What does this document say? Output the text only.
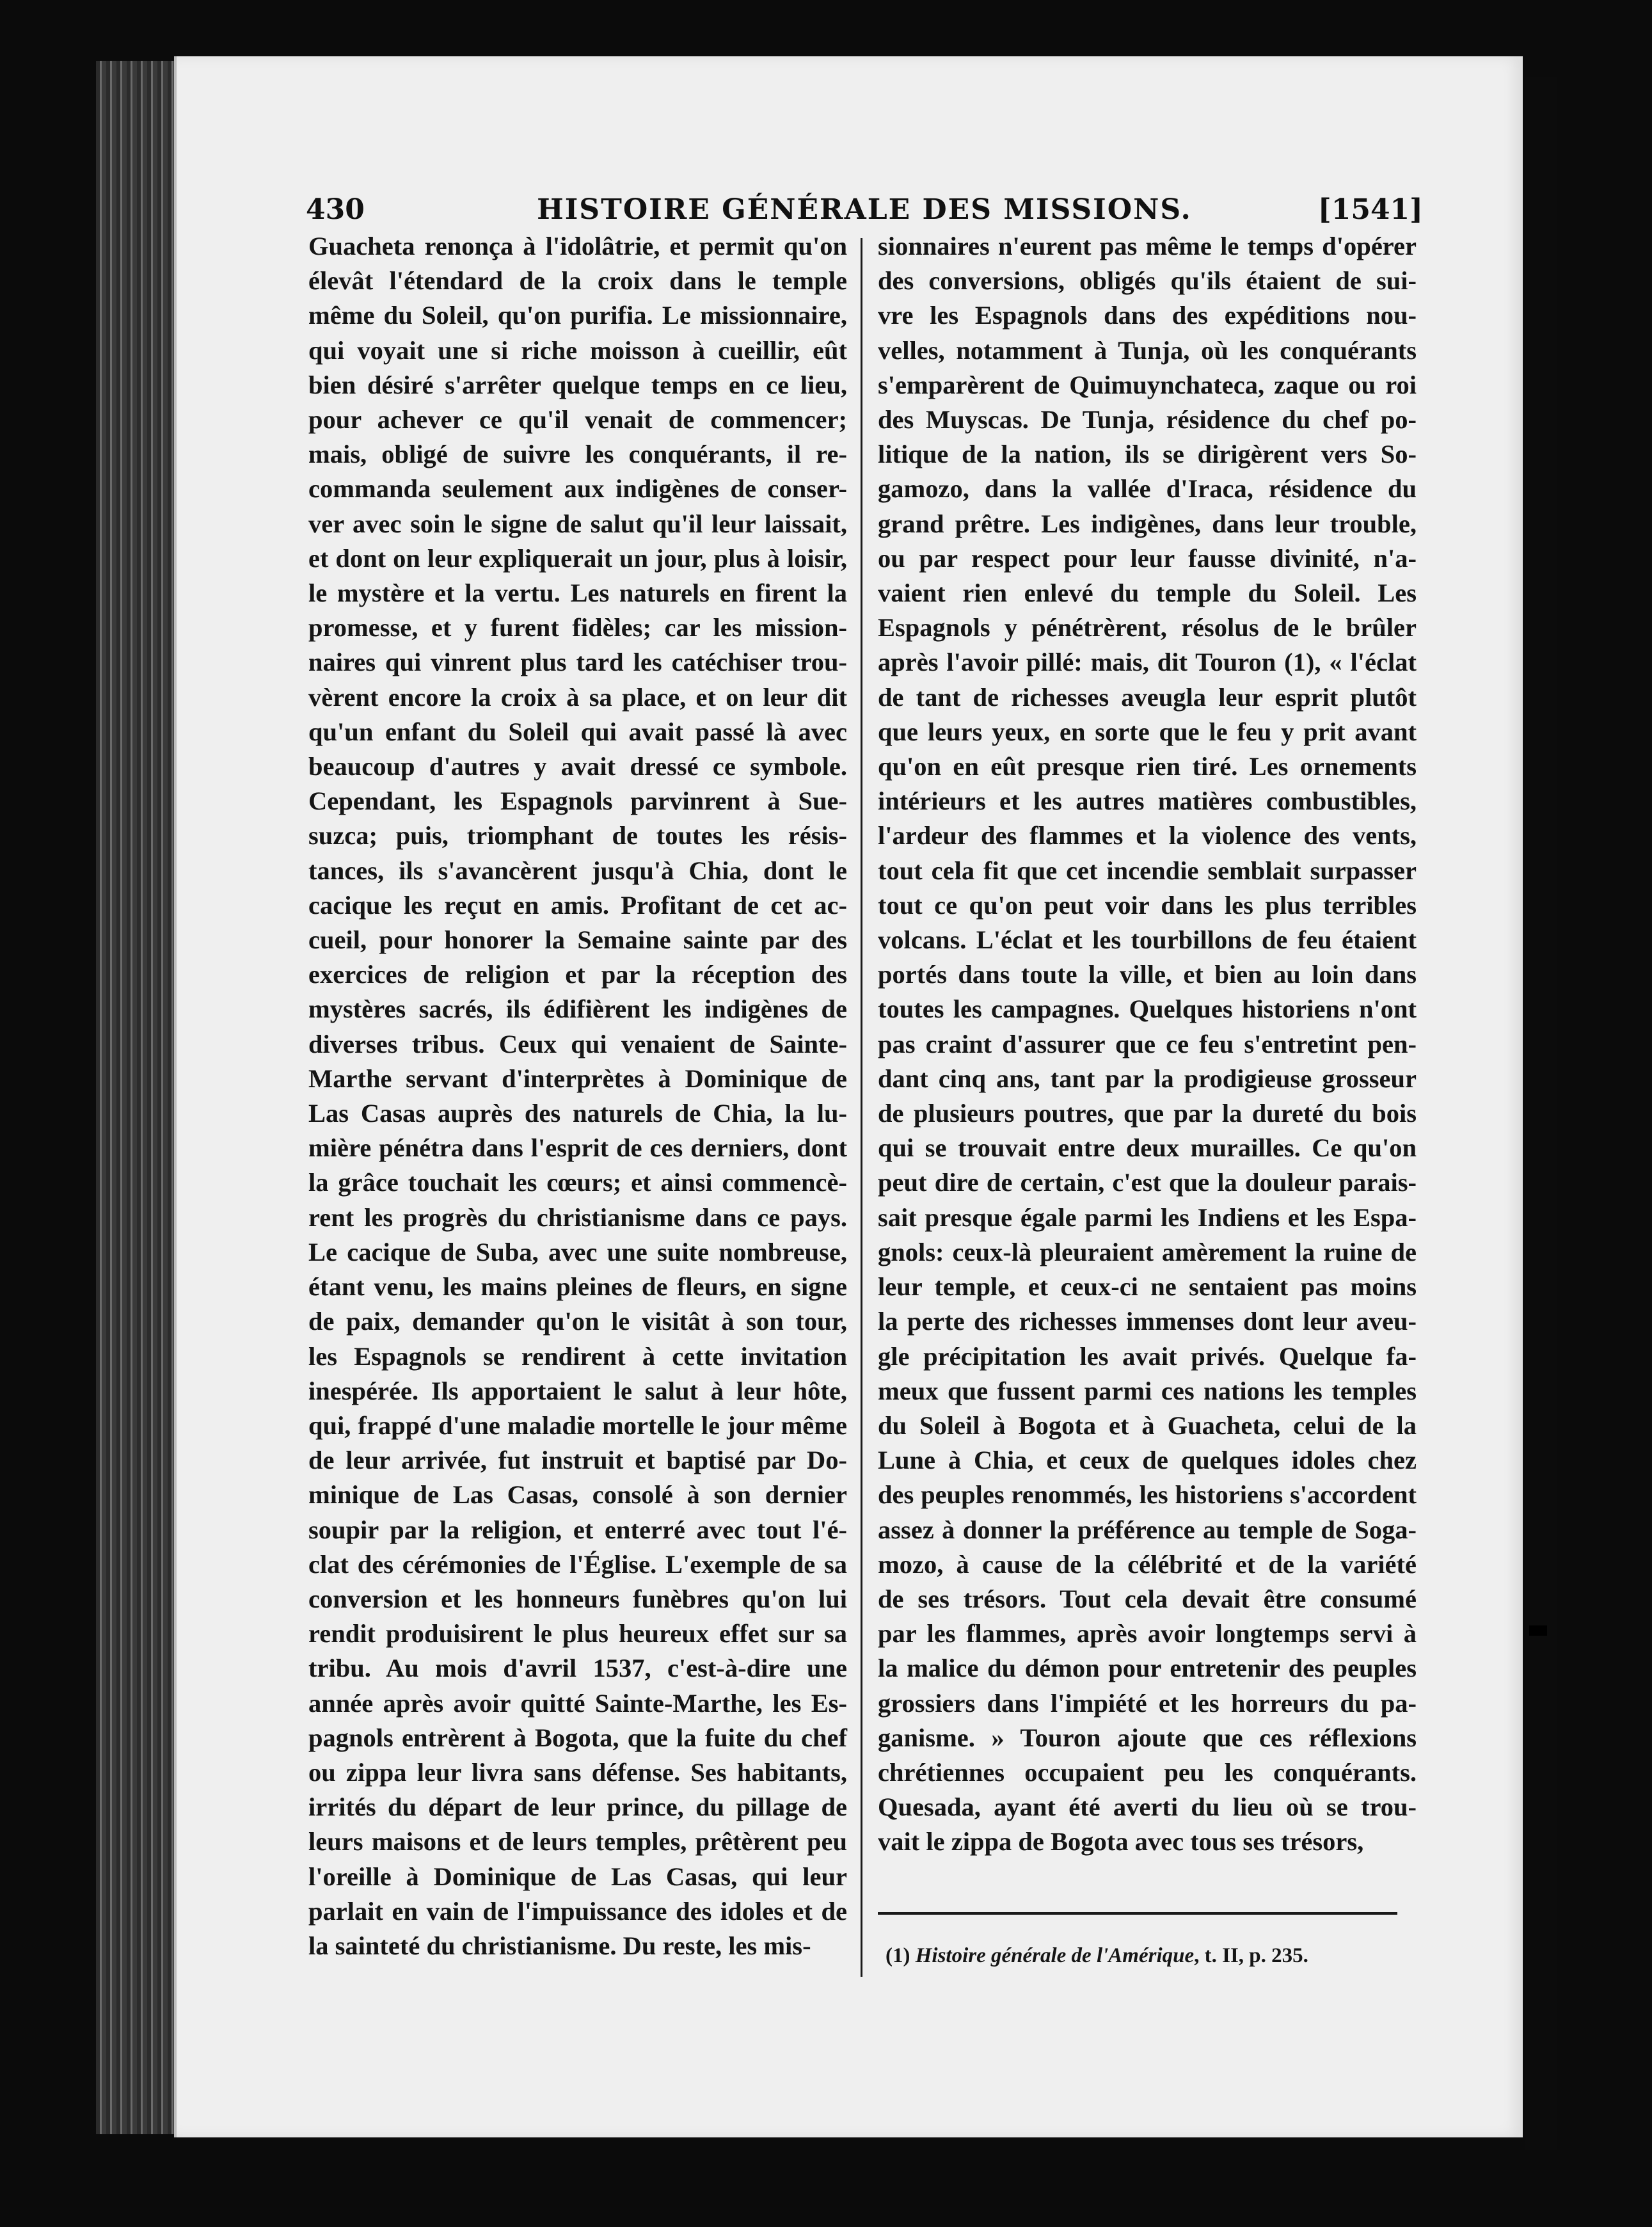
430	HISTOIRE GÉNÉRALE DES MISSIONS.	[1541]
Guacheta renonça à l'idolâtrie, et permit qu'on
élevât l'étendard de la croix dans le temple
même du Soleil, qu'on purifia. Le missionnaire,
qui voyait une si riche moisson à cueillir, eût
bien désiré s'arrêter quelque temps en ce lieu,
pour achever ce qu'il venait de commencer;
mais, obligé de suivre les conquérants, il re-
commanda seulement aux indigènes de conser-
ver avec soin le signe de salut qu'il leur laissait,
et dont on leur expliquerait un jour, plus à loisir,
le mystère et la vertu. Les naturels en firent la
promesse, et y furent fidèles; car les mission-
naires qui vinrent plus tard les catéchiser trou-
vèrent encore la croix à sa place, et on leur dit
qu'un enfant du Soleil qui avait passé là avec
beaucoup d'autres y avait dressé ce symbole.
Cependant, les Espagnols parvinrent à Sue-
suzca; puis, triomphant de toutes les résis-
tances, ils s'avancèrent jusqu'à Chia, dont le
cacique les reçut en amis. Profitant de cet ac-
cueil, pour honorer la Semaine sainte par des
exercices de religion et par la réception des
mystères sacrés, ils édifièrent les indigènes de
diverses tribus. Ceux qui venaient de Sainte-
Marthe servant d'interprètes à Dominique de
Las Casas auprès des naturels de Chia, la lu-
mière pénétra dans l'esprit de ces derniers, dont
la grâce touchait les cœurs; et ainsi commencè-
rent les progrès du christianisme dans ce pays.
Le cacique de Suba, avec une suite nombreuse,
étant venu, les mains pleines de fleurs, en signe
de paix, demander qu'on le visitât à son tour,
les Espagnols se rendirent à cette invitation
inespérée. Ils apportaient le salut à leur hôte,
qui, frappé d'une maladie mortelle le jour même
de leur arrivée, fut instruit et baptisé par Do-
minique de Las Casas, consolé à son dernier
soupir par la religion, et enterré avec tout l'é-
clat des cérémonies de l'Église. L'exemple de sa
conversion et les honneurs funèbres qu'on lui
rendit produisirent le plus heureux effet sur sa
tribu. Au mois d'avril 1537, c'est-à-dire une
année après avoir quitté Sainte-Marthe, les Es-
pagnols entrèrent à Bogota, que la fuite du chef
ou zippa leur livra sans défense. Ses habitants,
irrités du départ de leur prince, du pillage de
leurs maisons et de leurs temples, prêtèrent peu
l'oreille à Dominique de Las Casas, qui leur
parlait en vain de l'impuissance des idoles et de
la sainteté du christianisme. Du reste, les mis-
sionnaires n'eurent pas même le temps d'opérer
des conversions, obligés qu'ils étaient de sui-
vre les Espagnols dans des expéditions nou-
velles, notamment à Tunja, où les conquérants
s'emparèrent de Quimuynchateca, zaque ou roi
des Muyscas. De Tunja, résidence du chef po-
litique de la nation, ils se dirigèrent vers So-
gamozo, dans la vallée d'Iraca, résidence du
grand prêtre. Les indigènes, dans leur trouble,
ou par respect pour leur fausse divinité, n'a-
vaient rien enlevé du temple du Soleil. Les
Espagnols y pénétrèrent, résolus de le brûler
après l'avoir pillé: mais, dit Touron (1), « l'éclat
de tant de richesses aveugla leur esprit plutôt
que leurs yeux, en sorte que le feu y prit avant
qu'on en eût presque rien tiré. Les ornements
intérieurs et les autres matières combustibles,
l'ardeur des flammes et la violence des vents,
tout cela fit que cet incendie semblait surpasser
tout ce qu'on peut voir dans les plus terribles
volcans. L'éclat et les tourbillons de feu étaient
portés dans toute la ville, et bien au loin dans
toutes les campagnes. Quelques historiens n'ont
pas craint d'assurer que ce feu s'entretint pen-
dant cinq ans, tant par la prodigieuse grosseur
de plusieurs poutres, que par la dureté du bois
qui se trouvait entre deux murailles. Ce qu'on
peut dire de certain, c'est que la douleur parais-
sait presque égale parmi les Indiens et les Espa-
gnols: ceux-là pleuraient amèrement la ruine de
leur temple, et ceux-ci ne sentaient pas moins
la perte des richesses immenses dont leur aveu-
gle précipitation les avait privés. Quelque fa-
meux que fussent parmi ces nations les temples
du Soleil à Bogota et à Guacheta, celui de la
Lune à Chia, et ceux de quelques idoles chez
des peuples renommés, les historiens s'accordent
assez à donner la préférence au temple de Soga-
mozo, à cause de la célébrité et de la variété
de ses trésors. Tout cela devait être consumé
par les flammes, après avoir longtemps servi à
la malice du démon pour entretenir des peuples
grossiers dans l'impiété et les horreurs du pa-
ganisme. » Touron ajoute que ces réflexions
chrétiennes occupaient peu les conquérants.
Quesada, ayant été averti du lieu où se trou-
vait le zippa de Bogota avec tous ses trésors,
(1) Histoire générale de l'Amérique, t. II, p. 235.
